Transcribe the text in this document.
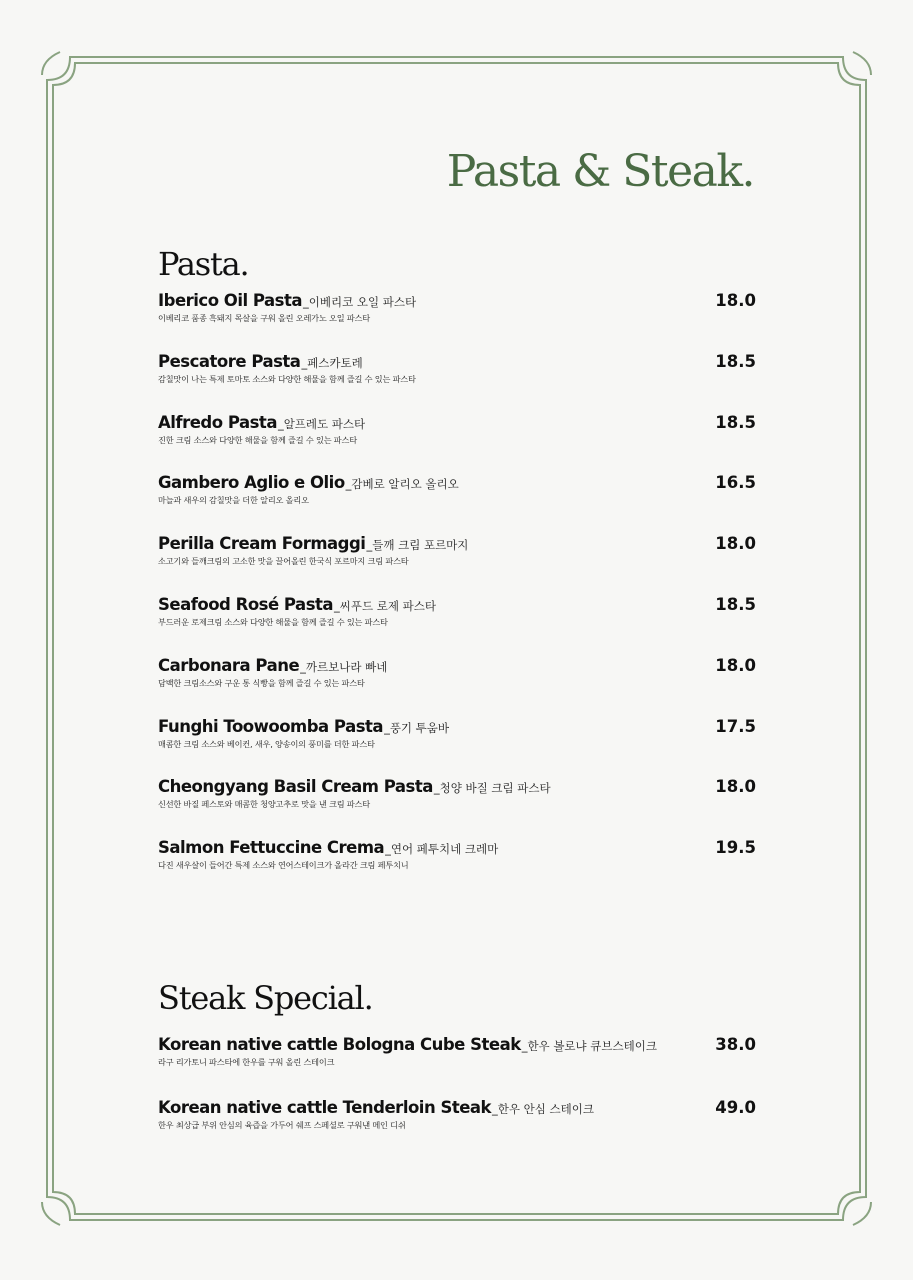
Pasta & Steak.
Pasta.
Iberico Oil Pasta _이베리코 오일 파스타	18.0
이베리코 품종 흑돼지 목살을 구워 올린 오레가노 오일 파스타
Pescatore Pasta _페스카토레	18.5
감칠맛이 나는 특제 토마토 소스와 다양한 해물을 함께 즐길 수 있는 파스타
Alfredo Pasta _알프레도 파스타	18.5
진한 크림 소스와 다양한 해물을 함께 즐길 수 있는 파스타
Gambero Aglio e Olio _감베로 알리오 올리오	16.5
마늘과 새우의 감칠맛을 더한 알리오 올리오
Perilla Cream Formaggi _들깨 크림 포르마지	18.0
소고기와 들깨크림의 고소한 맛을 끌어올린 한국식 포르마지 크림 파스타
Seafood Rosé Pasta _씨푸드 로제 파스타	18.5
부드러운 로제크림 소스와 다양한 해물을 함께 즐길 수 있는 파스타
Carbonara Pane _까르보나라 빠네	18.0
담백한 크림소스와 구운 통 식빵을 함께 즐길 수 있는 파스타
Funghi Toowoomba Pasta _풍기 투움바	17.5
매콤한 크림 소스와 베이컨, 새우, 양송이의 풍미를 더한 파스타
Cheongyang Basil Cream Pasta _청양 바질 크림 파스타	18.0
신선한 바질 페스토와 매콤한 청양고추로 맛을 낸 크림 파스타
Salmon Fettuccine Crema _연어 페투치네 크레마	19.5
다진 새우살이 들어간 특제 소스와 연어스테이크가 올라간 크림 페투치니
Steak Special.
Korean native cattle Bologna Cube Steak _한우 볼로냐 큐브스테이크	38.0
라구 리가토니 파스타에 한우를 구워 올린 스테이크
Korean native cattle Tenderloin Steak _한우 안심 스테이크	49.0
한우 최상급 부위 안심의 육즙을 가두어 쉐프 스페셜로 구워낸 메인 디쉬
